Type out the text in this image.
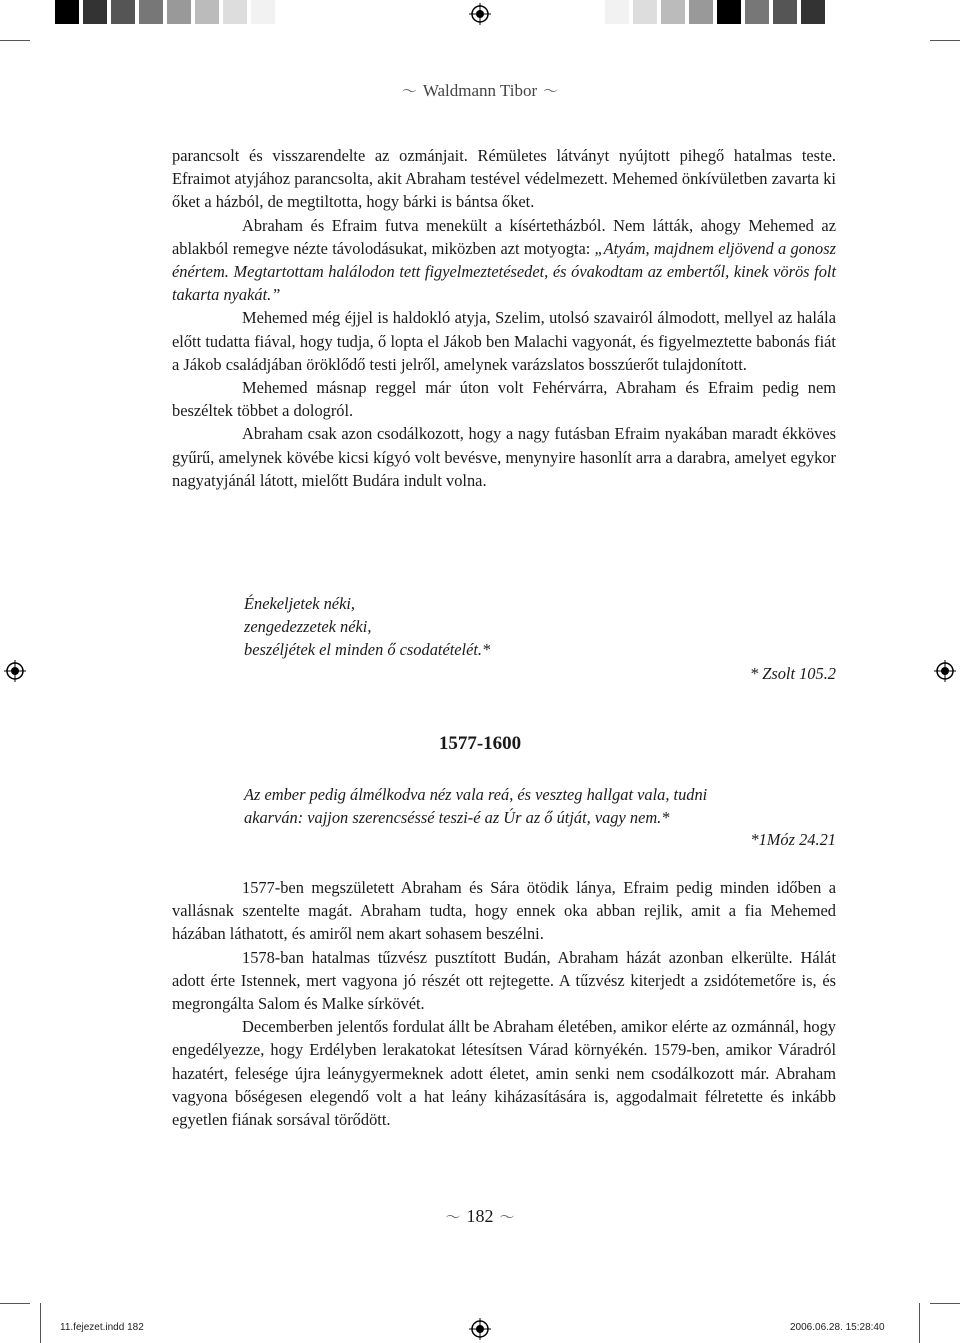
〜 Waldmann Tibor 〜

parancsolt és visszarendelte az ozmánjait. Rémületes látványt nyújtott pihegő hatalmas teste. Efraimot atyjához parancsolta, akit Abraham testével védelmezett. Mehemed önkívületben zavarta ki őket a házból, de megtiltotta, hogy bárki is bántsa őket.

Abraham és Efraim futva menekült a kísértetházból. Nem látták, ahogy Mehemed az ablakból remegve nézte távolodásukat, miközben azt motyogta: „Atyám, majdnem eljövend a gonosz énértem. Megtartottam halálodon tett figyelmeztetésedet, és óvakodtam az embertől, kinek vörös folt takarta nyakát.”

Mehemed még éjjel is haldokló atyja, Szelim, utolsó szavairól álmodott, mellyel az halála előtt tudatta fiával, hogy tudja, ő lopta el Jákob ben Malachi vagyonát, és figyelmeztette babonás fiát a Jákob családjában öröklődő testi jelről, amelynek varázslatos bosszúerőt tulajdonított.

Mehemed másnap reggel már úton volt Fehérvárra, Abraham és Efraim pedig nem beszéltek többet a dologról.

Abraham csak azon csodálkozott, hogy a nagy futásban Efraim nyakában maradt ékköves gyűrű, amelynek kövébe kicsi kígyó volt bevésve, menynyire hasonlít arra a darabra, amelyet egykor nagyatyjánál látott, mielőtt Budára indult volna.

Énekeljetek néki,
zengedezzetek néki,
beszéljétek el minden ő csodatételét.*
* Zsolt 105.2
1577-1600
Az ember pedig álmélkodva néz vala reá, és veszteg hallgat vala, tudni
akarván: vajjon szerencséssé teszi-é az Úr az ő útját, vagy nem.*
*1Móz 24.21

1577-ben megszületett Abraham és Sára ötödik lánya, Efraim pedig minden időben a vallásnak szentelte magát. Abraham tudta, hogy ennek oka abban rejlik, amit a fia Mehemed házában láthatott, és amiről nem akart sohasem beszélni.

1578-ban hatalmas tűzvész pusztított Budán, Abraham házát azonban elkerülte. Hálát adott érte Istennek, mert vagyona jó részét ott rejtegette. A tűzvész kiterjedt a zsidótemetőre is, és megrongálta Salom és Malke sírkövét.

Decemberben jelentős fordulat állt be Abraham életében, amikor elérte az ozmánnál, hogy engedélyezze, hogy Erdélyben lerakatokat létesítsen Várad környékén. 1579-ben, amikor Váradról hazatért, felesége újra leánygyermeknek adott életet, amin senki nem csodálkozott már. Abraham vagyona bőségesen elegendő volt a hat leány kiházasítására is, aggodalmait félretette és inkább egyetlen fiának sorsával törődött.

〜 182 〜
11.fejezet.indd 182	2006.06.28. 15:28:40
